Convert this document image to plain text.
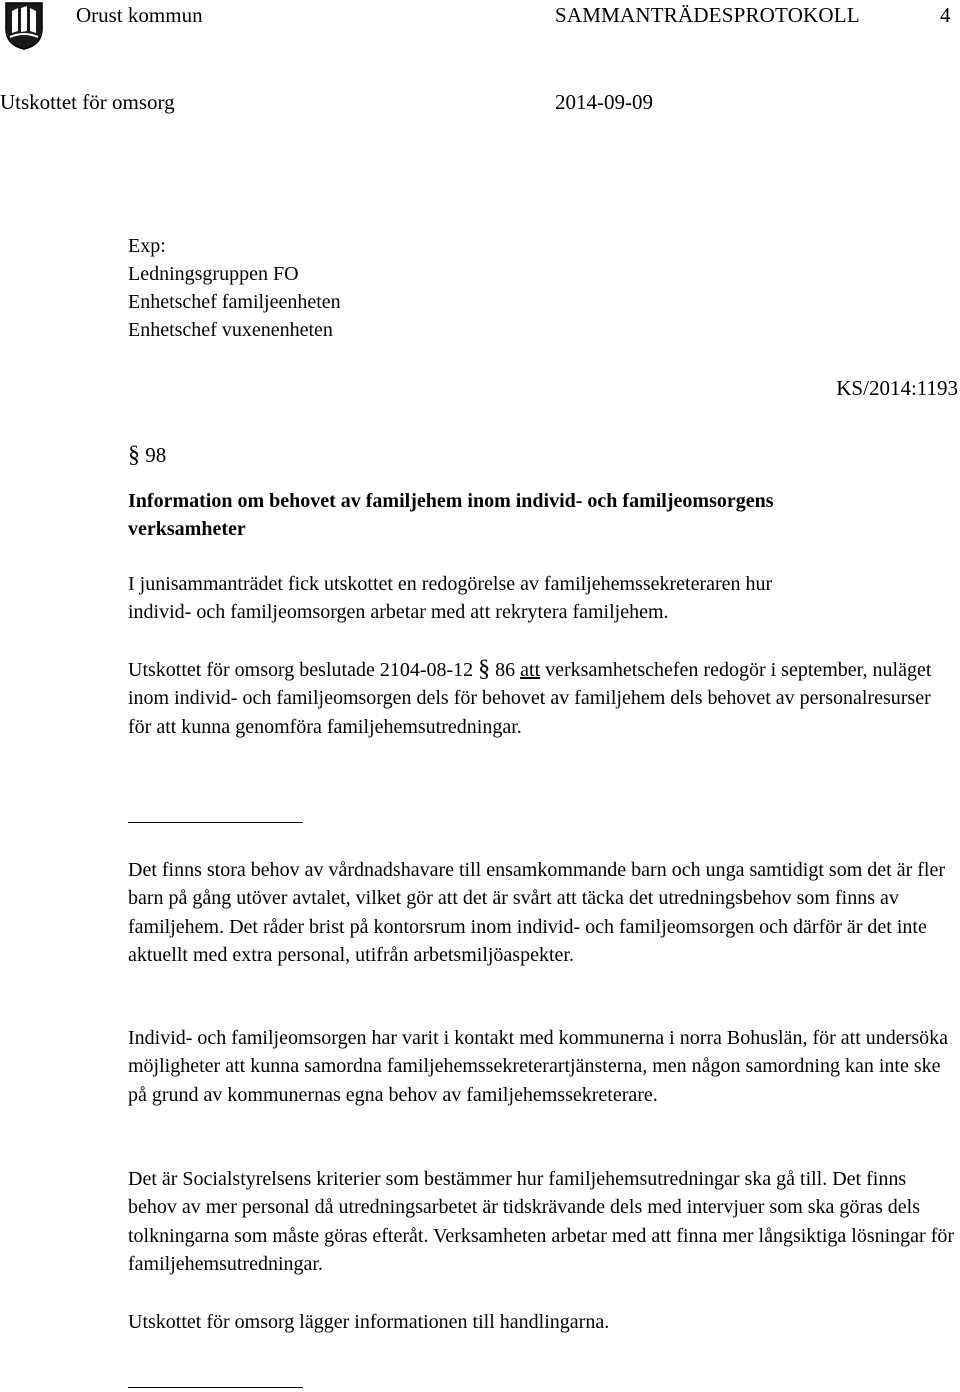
Orust kommun	SAMMANTRÄDESPROTOKOLL	4
Utskottet för omsorg	2014-09-09
Exp:
Ledningsgruppen FO
Enhetschef familjeenheten
Enhetschef vuxenenheten
KS/2014:1193
§ 98
Information om behovet av familjehem inom individ- och familjeomsorgens
verksamheter
I junisammanträdet fick utskottet en redogörelse av familjehemssekreteraren hur
individ- och familjeomsorgen arbetar med att rekrytera familjehem.

Utskottet för omsorg beslutade 2104-08-12 § 86 att verksamhetschefen redogör i september, nuläget inom individ- och familjeomsorgen dels för behovet av familjehem dels behovet av personalresurser för att kunna genomföra familjehemsutredningar.

Det finns stora behov av vårdnadshavare till ensamkommande barn och unga samtidigt som det är fler barn på gång utöver avtalet, vilket gör att det är svårt att täcka det utredningsbehov som finns av familjehem. Det råder brist på kontorsrum inom individ- och familjeomsorgen och därför är det inte aktuellt med extra personal, utifrån arbetsmiljöaspekter.

Individ- och familjeomsorgen har varit i kontakt med kommunerna i norra Bohuslän, för att undersöka möjligheter att kunna samordna familjehemssekreterartjänsterna, men någon samordning kan inte ske på grund av kommunernas egna behov av familjehemssekreterare.

Det är Socialstyrelsens kriterier som bestämmer hur familjehemsutredningar ska gå till. Det finns behov av mer personal då utredningsarbetet är tidskrävande dels med intervjuer som ska göras dels tolkningarna som måste göras efteråt. Verksamheten arbetar med att finna mer långsiktiga lösningar för familjehemsutredningar.

Utskottet för omsorg lägger informationen till handlingarna.
